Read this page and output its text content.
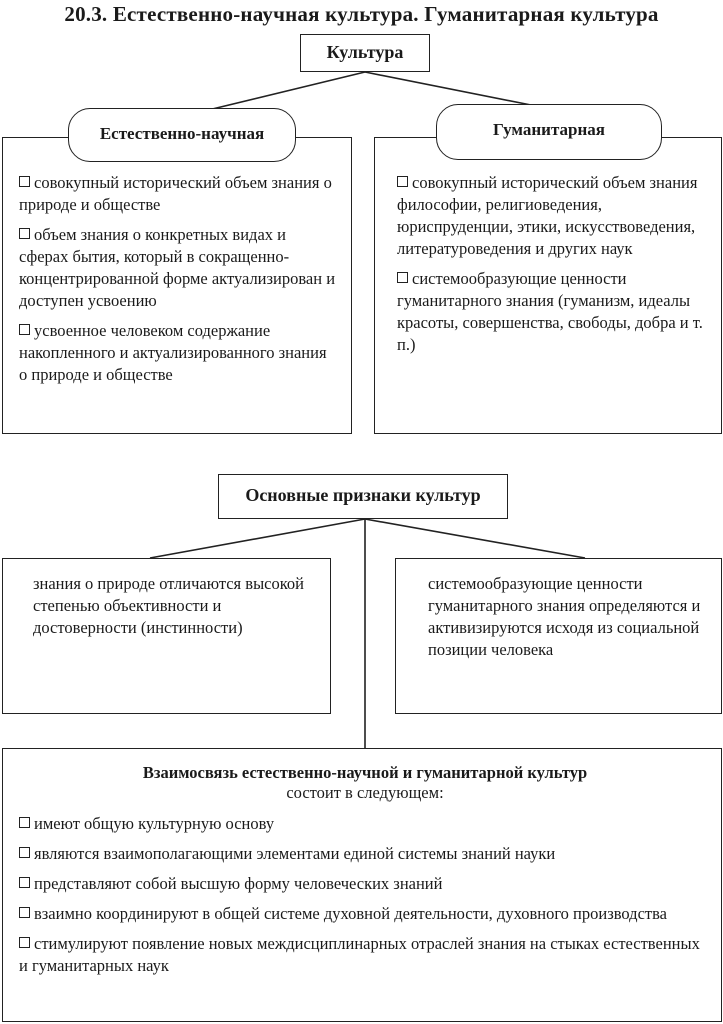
20.3. Естественно-научная культура. Гуманитарная культура
Культура
совокупный исторический объем знания о природе и обществе
объем знания о конкретных видах и сферах бытия, который в сокращенно-концентрированной форме актуализирован и доступен усвоению
усвоенное человеком содержание накопленного и актуализированного знания о природе и обществе
Естественно-научная
совокупный исторический объем знания философии, религиоведения, юриспруденции, этики, искусствоведения, литературоведения и других наук
системообразующие ценности гуманитарного знания (гуманизм, идеалы красоты, совершенства, свободы, добра и т. п.)
Гуманитарная
Основные признаки культур
знания о природе отличаются высокой степенью объективности и достоверности (инстинности)
системообразующие ценности гуманитарного знания определяются и активизируются исходя из социальной позиции человека
Взаимосвязь естественно-научной и гуманитарной культур
состоит в следующем:
имеют общую культурную основу
являются взаимополагающими элементами единой системы знаний науки
представляют собой высшую форму человеческих знаний
взаимно координируют в общей системе духовной деятельности, духовного производства
стимулируют появление новых междисциплинарных отраслей знания на стыках естественных и гуманитарных наук
